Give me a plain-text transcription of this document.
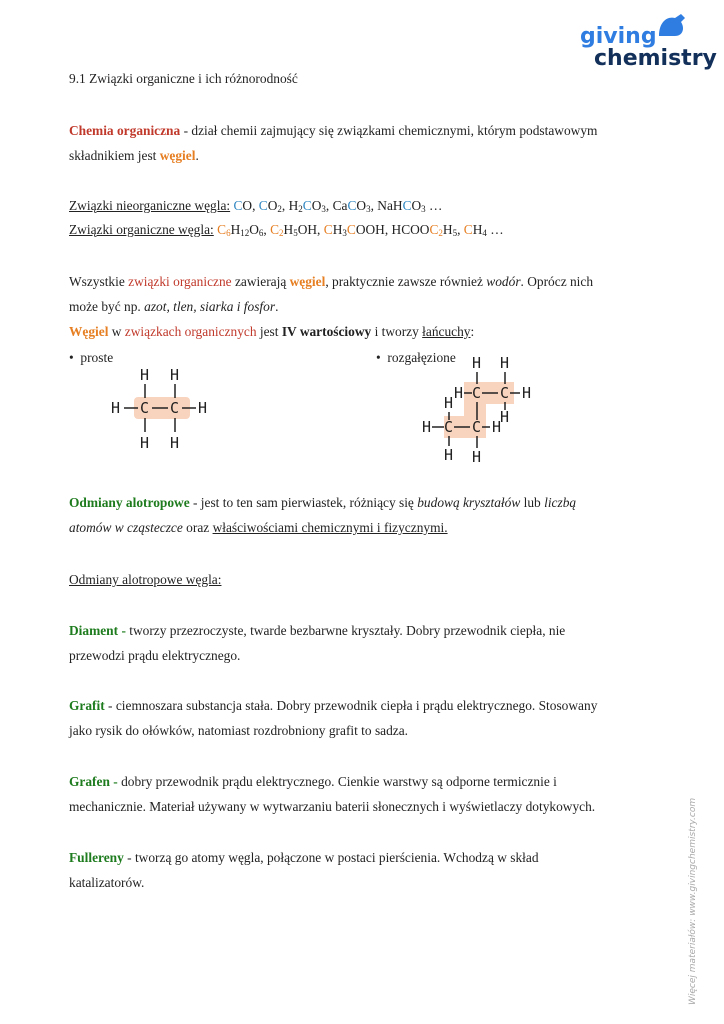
giving
chemistry
9.1 Związki organiczne i ich różnorodność
Chemia organiczna - dział chemii zajmujący się związkami chemicznymi, którym podstawowym
składnikiem jest węgiel.
Związki nieorganiczne węgla: CO, $CO_2$, $H_2CO_3$, CaCO$_3$, NaHCO$_3$ …
Związki organiczne węgla: $C_6H_{12}O_6$, $C_2H_5OH$, $CH_3COOH$, $HCOOC_2H_5$, $CH_4$ …
Wszystkie związki organiczne zawierają węgiel, praktycznie zawsze również wodór. Oprócz nich
może być np. azot, tlen, siarka i fosfor.
Węgiel w związkach organicznych jest IV wartościowy i tworzy łańcuchy:
• proste	• rozgałęzione
H H
H C C H
H H
H H
H C C H
H
H
H C C H
H H
Odmiany alotropowe - jest to ten sam pierwiastek, różniący się budową kryształów lub liczbą
atomów w cząsteczce oraz właściwościami chemicznymi i fizycznymi.
Odmiany alotropowe węgla:
Diament - tworzy przezroczyste, twarde bezbarwne kryształy. Dobry przewodnik ciepła, nie
przewodzi prądu elektrycznego.
Grafit - ciemnoszara substancja stała. Dobry przewodnik ciepła i prądu elektrycznego. Stosowany
jako rysik do ołówków, natomiast rozdrobniony grafit to sadza.
Grafen - dobry przewodnik prądu elektrycznego. Cienkie warstwy są odporne termicznie i
mechanicznie. Materiał używany w wytwarzaniu baterii słonecznych i wyświetlaczy dotykowych.
Fullereny - tworzą go atomy węgla, połączone w postaci pierścienia. Wchodzą w skład
katalizatorów.	Więcej materiałów: www.givingchemistry.com
